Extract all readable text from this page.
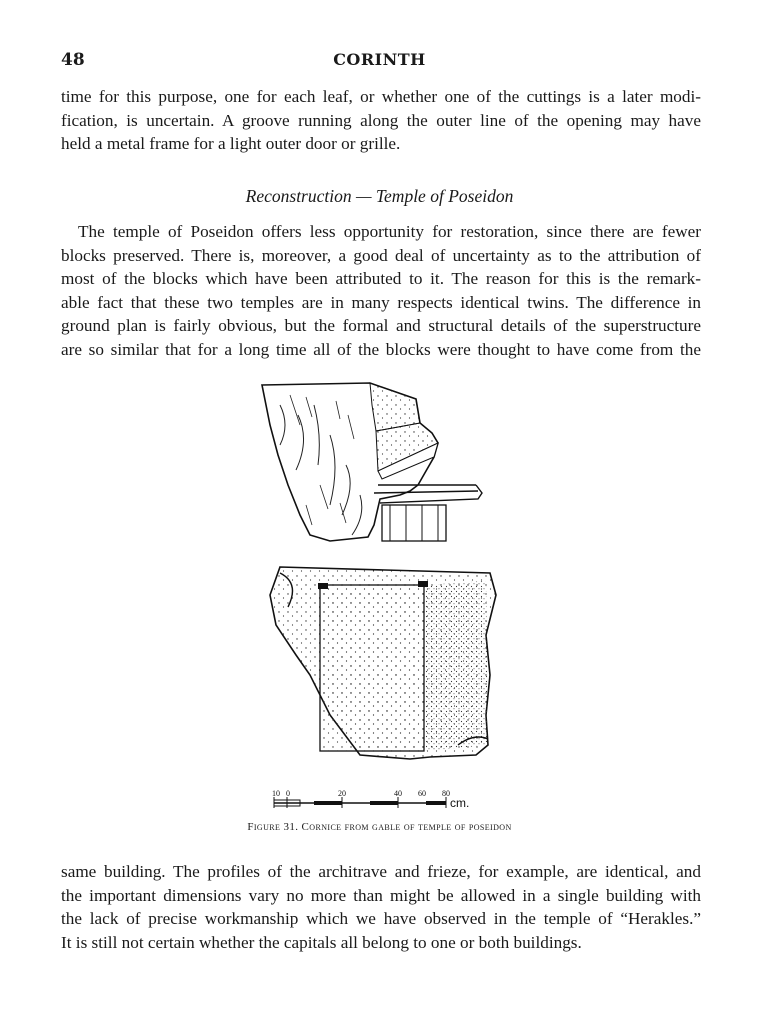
48	CORINTH
time for this purpose, one for each leaf, or whether one of the cuttings is a later modi-
fication, is uncertain. A groove running along the outer line of the opening may have
held a metal frame for a light outer door or grille.
Reconstruction — Temple of Poseidon
The temple of Poseidon offers less opportunity for restoration, since there are fewer
blocks preserved. There is, moreover, a good deal of uncertainty as to the attribution of
most of the blocks which have been attributed to it. The reason for this is the remark-
able fact that these two temples are in many respects identical twins. The difference in
ground plan is fairly obvious, but the formal and structural details of the superstructure
are so similar that for a long time all of the blocks were thought to have come from the
10 0	20	40 60 80
cm.
Figure 31. Cornice from gable of temple of poseidon
same building. The profiles of the architrave and frieze, for example, are identical, and
the important dimensions vary no more than might be allowed in a single building with
the lack of precise workmanship which we have observed in the temple of “Herakles.”
It is still not certain whether the capitals all belong to one or both buildings.
